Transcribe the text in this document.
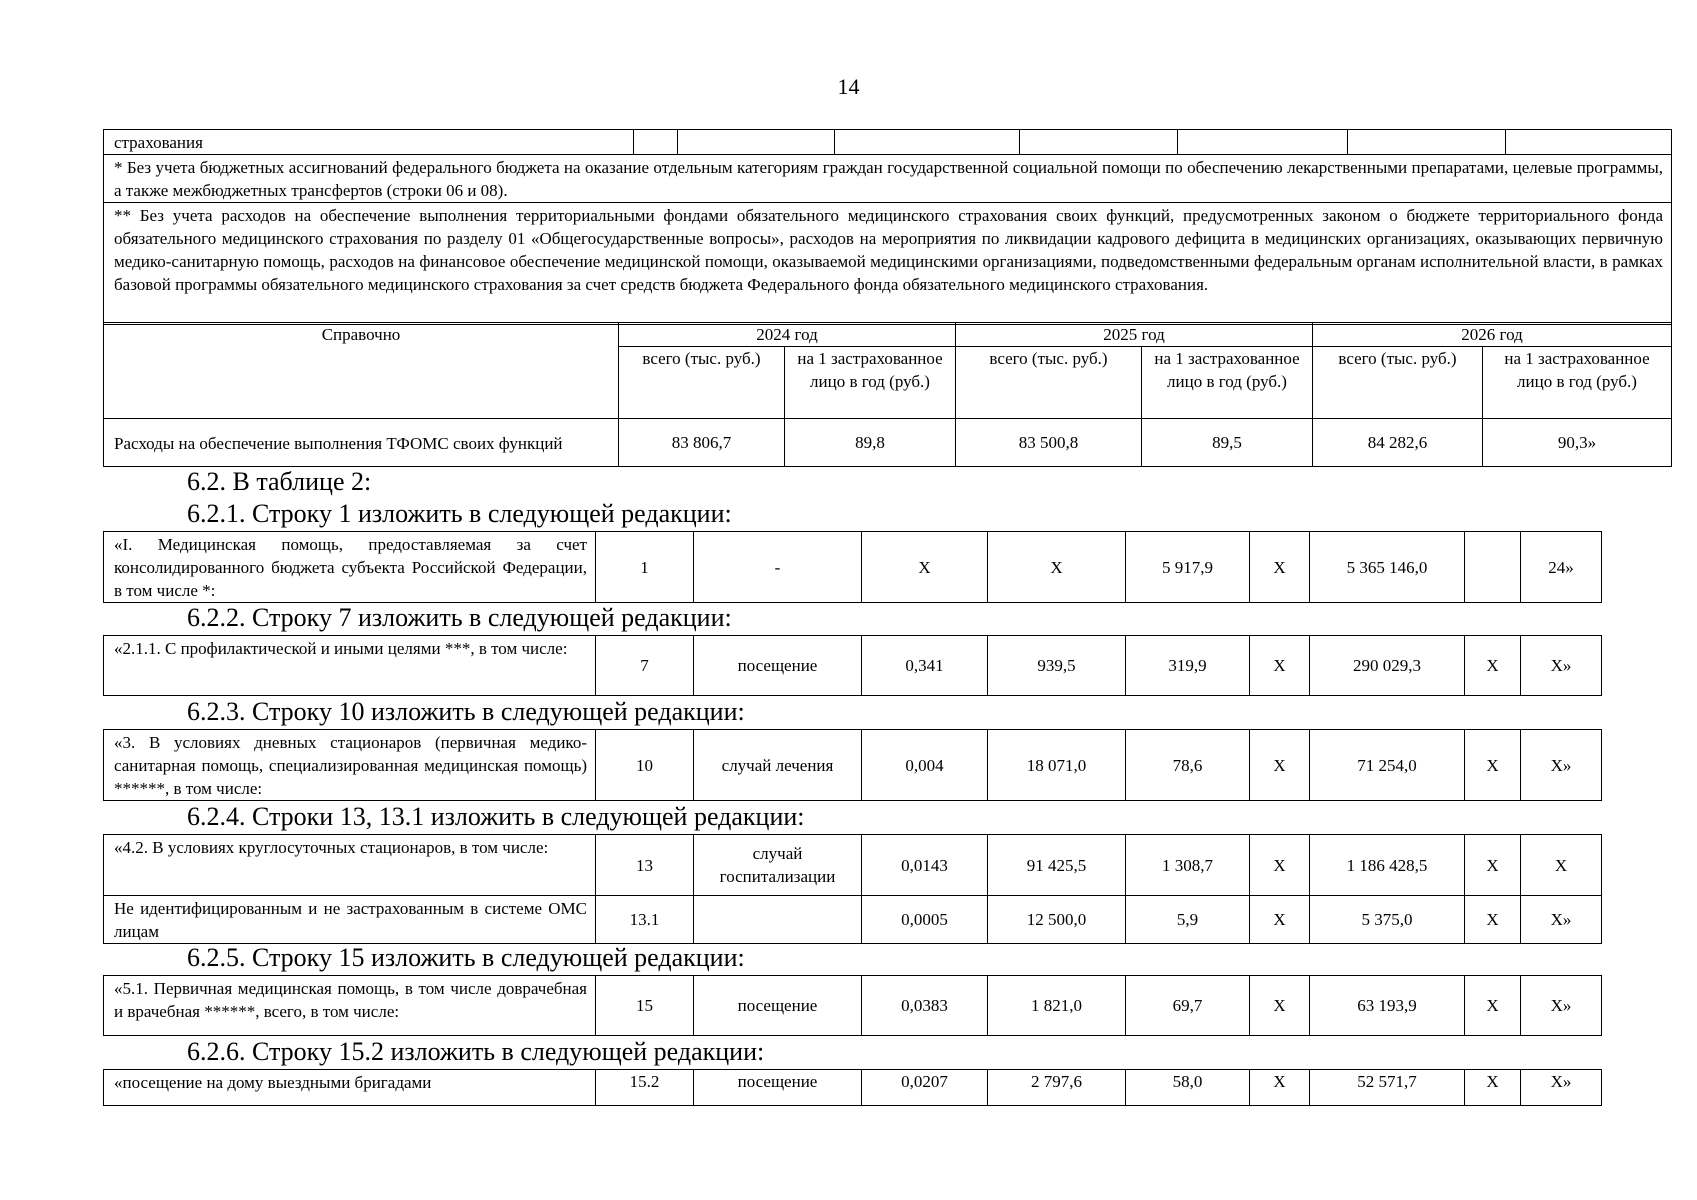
14
страхования							
* Без учета бюджетных ассигнований федерального бюджета на оказание отдельным категориям граждан государственной социальной помощи по обеспечению лекарственными препаратами, целевые программы, а также межбюджетных трансфертов (строки 06 и 08).
** Без учета расходов на обеспечение выполнения территориальными фондами обязательного медицинского страхования своих функций, предусмотренных законом о бюджете территориального фонда обязательного медицинского страхования по разделу 01 «Общегосударственные вопросы», расходов на мероприятия по ликвидации кадрового дефицита в медицинских организациях, оказывающих первичную медико-санитарную помощь, расходов на финансовое обеспечение медицинской помощи, оказываемой медицинскими организациями, подведомственными федеральным органам исполнительной власти, в рамках базовой программы обязательного медицинского страхования за счет средств бюджета Федерального фонда обязательного медицинского страхования.
Справочно	2024 год		2025 год		2026 год	
	всего (тыс. руб.)	на 1 застрахованное лицо в год (руб.)	всего (тыс. руб.)	на 1 застрахованное лицо в год (руб.)	всего (тыс. руб.)	на 1 застрахованное лицо в год (руб.)
Расходы на обеспечение выполнения ТФОМС своих функций	83 806,7	89,8	83 500,8	89,5	84 282,6	90,3»
6.2. В таблице 2:
6.2.1. Строку 1 изложить в следующей редакции:
6.2.2. Строку 7 изложить в следующей редакции:
6.2.3. Строку 10 изложить в следующей редакции:
6.2.4. Строки 13, 13.1 изложить в следующей редакции:
6.2.5. Строку 15 изложить в следующей редакции:
6.2.6. Строку 15.2 изложить в следующей редакции:
«I. Медицинская помощь, предоставляемая за счет консолидированного бюджета субъекта Российской Федерации, в том числе *:	1	-	X	X	5 917,9	X	5 365 146,0		24»
«2.1.1. С профилактической и иными целями ***, в том числе:	7	посещение	0,341	939,5	319,9	X	290 029,3	X	X»
«3. В условиях дневных стационаров (первичная медико-санитарная помощь, специализированная медицинская помощь) ******, в том числе:	10	случай лечения	0,004	18 071,0	78,6	X	71 254,0	X	X»
«4.2. В условиях круглосуточных стационаров, в том числе:	13	случай госпитализации	0,0143	91 425,5	1 308,7	X	1 186 428,5	X	X
Не идентифицированным и не застрахованным в системе ОМС лицам	13.1		0,0005	12 500,0	5,9	X	5 375,0	X	X»
«5.1. Первичная медицинская помощь, в том числе доврачебная и врачебная ******, всего, в том числе:	15	посещение	0,0383	1 821,0	69,7	X	63 193,9	X	X»
«посещение на дому выездными бригадами	15.2	посещение	0,0207	2 797,6	58,0	X	52 571,7	X	X»
